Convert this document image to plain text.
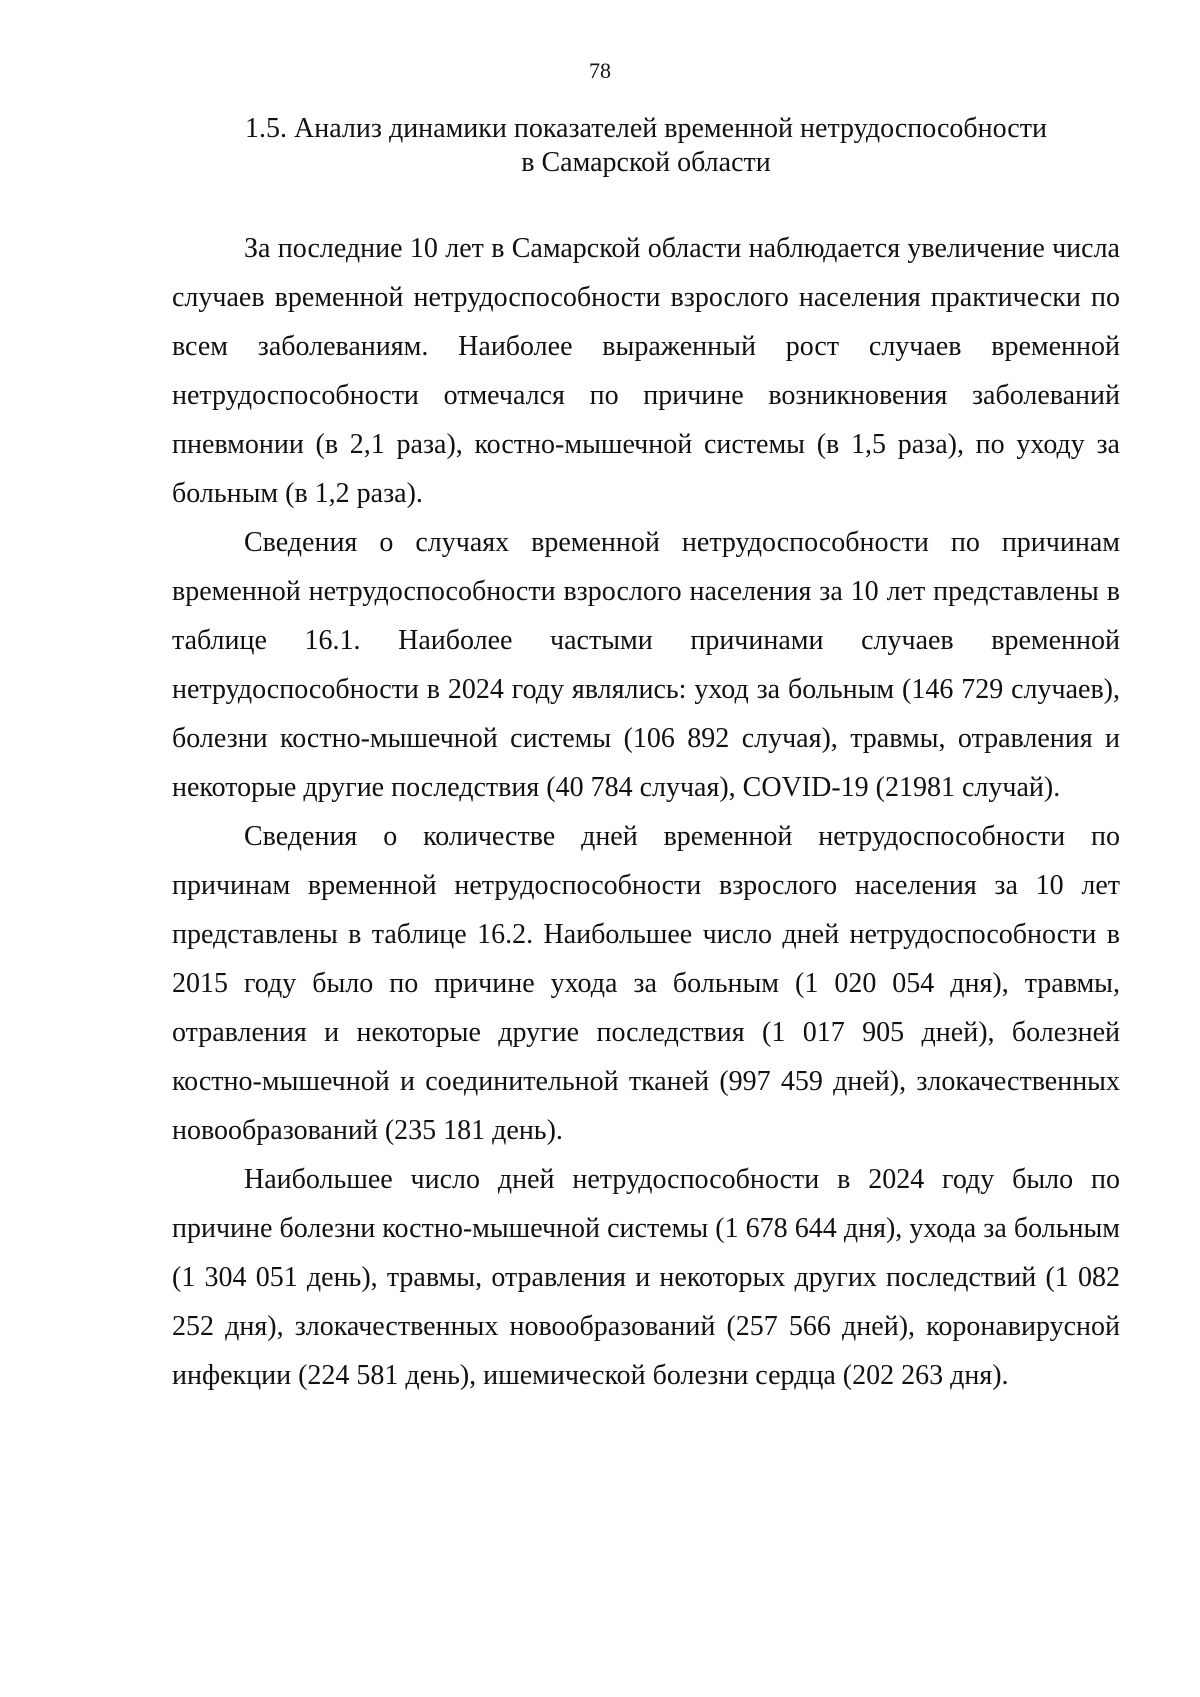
78
1.5. Анализ динамики показателей временной нетрудоспособности
в Самарской области

За последние 10 лет в Самарской области наблюдается увеличение числа случаев временной нетрудоспособности взрослого населения практически по всем заболеваниям. Наиболее выраженный рост случаев временной нетрудоспособности отмечался по причине возникновения заболеваний пневмонии (в 2,1 раза), костно-мышечной системы (в 1,5 раза), по уходу за больным (в 1,2 раза).

Сведения о случаях временной нетрудоспособности по причинам временной нетрудоспособности взрослого населения за 10 лет представлены в таблице 16.1. Наиболее частыми причинами случаев временной нетрудоспособности в 2024 году являлись: уход за больным (146 729 случаев), болезни костно-мышечной системы (106 892 случая), травмы, отравления и некоторые другие последствия (40 784 случая), COVID-19 (21981 случай).

Сведения о количестве дней временной нетрудоспособности по причинам временной нетрудоспособности взрослого населения за 10 лет представлены в таблице 16.2. Наибольшее число дней нетрудоспособности в 2015 году было по причине ухода за больным (1 020 054 дня), травмы, отравления и некоторые другие последствия (1 017 905 дней), болезней костно-мышечной и соединительной тканей (997 459 дней), злокачественных новообразований (235 181 день).

Наибольшее число дней нетрудоспособности в 2024 году было по причине болезни костно-мышечной системы (1 678 644 дня), ухода за больным (1 304 051 день), травмы, отравления и некоторых других последствий (1 082 252 дня), злокачественных новообразований (257 566 дней), коронавирусной инфекции (224 581 день), ишемической болезни сердца (202 263 дня).
